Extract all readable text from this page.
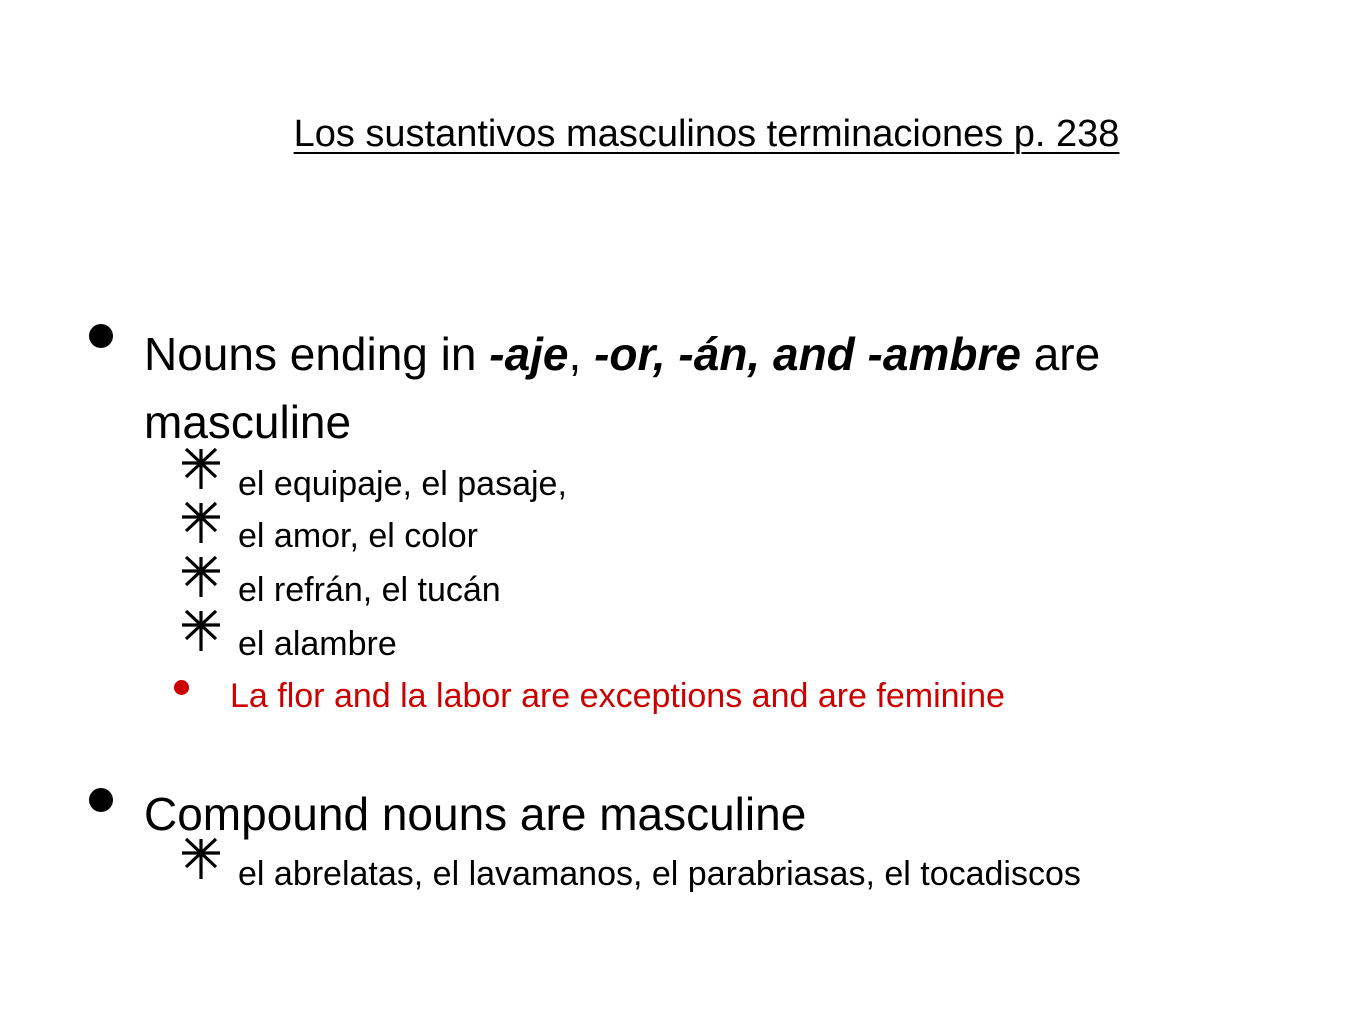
Los sustantivos masculinos terminaciones p. 238
Nouns ending in -aje, -or, -án, and -ambre are
masculine
el equipaje, el pasaje,
el amor, el color
el refrán, el tucán
el alambre
La flor and la labor are exceptions and are feminine
Compound nouns are masculine
el abrelatas, el lavamanos, el parabriasas, el tocadiscos
